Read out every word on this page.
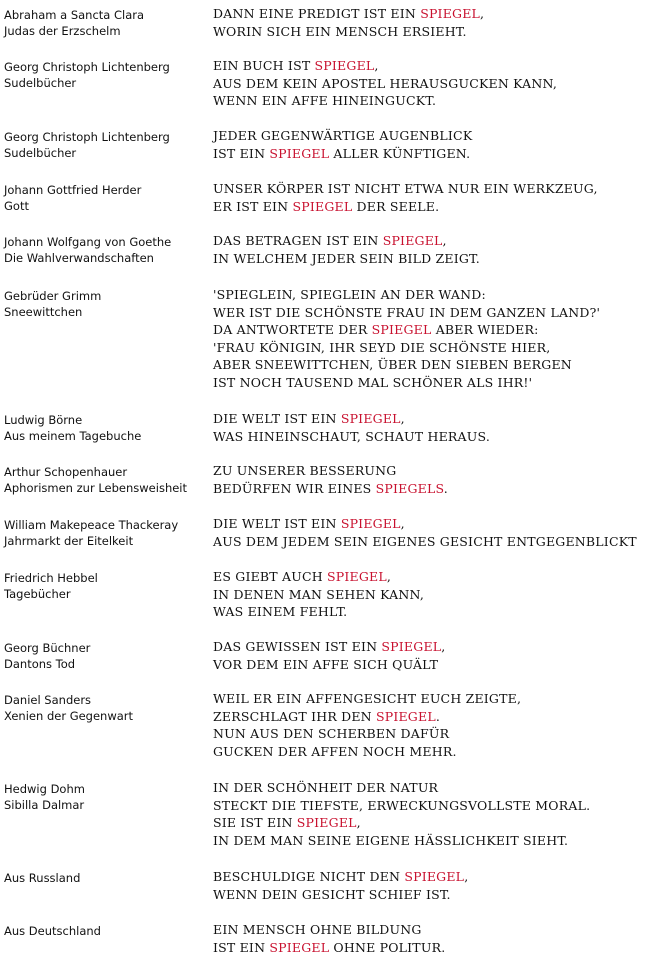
Abraham a Sancta Clara
Judas der Erzschelm
DANN EINE PREDIGT IST EIN SPIEGEL,
WORIN SICH EIN MENSCH ERSIEHT.
Georg Christoph Lichtenberg
Sudelbücher
EIN BUCH IST SPIEGEL,
AUS DEM KEIN APOSTEL HERAUSGUCKEN KANN,
WENN EIN AFFE HINEINGUCKT.
Georg Christoph Lichtenberg
Sudelbücher
JEDER GEGENWÄRTIGE AUGENBLICK
IST EIN SPIEGEL ALLER KÜNFTIGEN.
Johann Gottfried Herder
Gott
UNSER KÖRPER IST NICHT ETWA NUR EIN WERKZEUG,
ER IST EIN SPIEGEL DER SEELE.
Johann Wolfgang von Goethe
Die Wahlverwandschaften
DAS BETRAGEN IST EIN SPIEGEL,
IN WELCHEM JEDER SEIN BILD ZEIGT.
Gebrüder Grimm
Sneewittchen
'SPIEGLEIN, SPIEGLEIN AN DER WAND:
WER IST DIE SCHÖNSTE FRAU IN DEM GANZEN LAND?'
DA ANTWORTETE DER SPIEGEL ABER WIEDER:
'FRAU KÖNIGIN, IHR SEYD DIE SCHÖNSTE HIER,
ABER SNEEWITTCHEN, ÜBER DEN SIEBEN BERGEN
IST NOCH TAUSEND MAL SCHÖNER ALS IHR!'
Ludwig Börne
Aus meinem Tagebuche
DIE WELT IST EIN SPIEGEL,
WAS HINEINSCHAUT, SCHAUT HERAUS.
Arthur Schopenhauer
Aphorismen zur Lebensweisheit
ZU UNSERER BESSERUNG
BEDÜRFEN WIR EINES SPIEGELS.
William Makepeace Thackeray
Jahrmarkt der Eitelkeit
DIE WELT IST EIN SPIEGEL,
AUS DEM JEDEM SEIN EIGENES GESICHT ENTGEGENBLICKT
Friedrich Hebbel
Tagebücher
ES GIEBT AUCH SPIEGEL,
IN DENEN MAN SEHEN KANN,
WAS EINEM FEHLT.
Georg Büchner
Dantons Tod
DAS GEWISSEN IST EIN SPIEGEL,
VOR DEM EIN AFFE SICH QUÄLT
Daniel Sanders
Xenien der Gegenwart
WEIL ER EIN AFFENGESICHT EUCH ZEIGTE,
ZERSCHLAGT IHR DEN SPIEGEL.
NUN AUS DEN SCHERBEN DAFÜR
GUCKEN DER AFFEN NOCH MEHR.
Hedwig Dohm
Sibilla Dalmar
IN DER SCHÖNHEIT DER NATUR
STECKT DIE TIEFSTE, ERWECKUNGSVOLLSTE MORAL.
SIE IST EIN SPIEGEL,
IN DEM MAN SEINE EIGENE HÄSSLICHKEIT SIEHT.
Aus Russland	BESCHULDIGE NICHT DEN SPIEGEL,
WENN DEIN GESICHT SCHIEF IST.
Aus Deutschland	EIN MENSCH OHNE BILDUNG
IST EIN SPIEGEL OHNE POLITUR.
